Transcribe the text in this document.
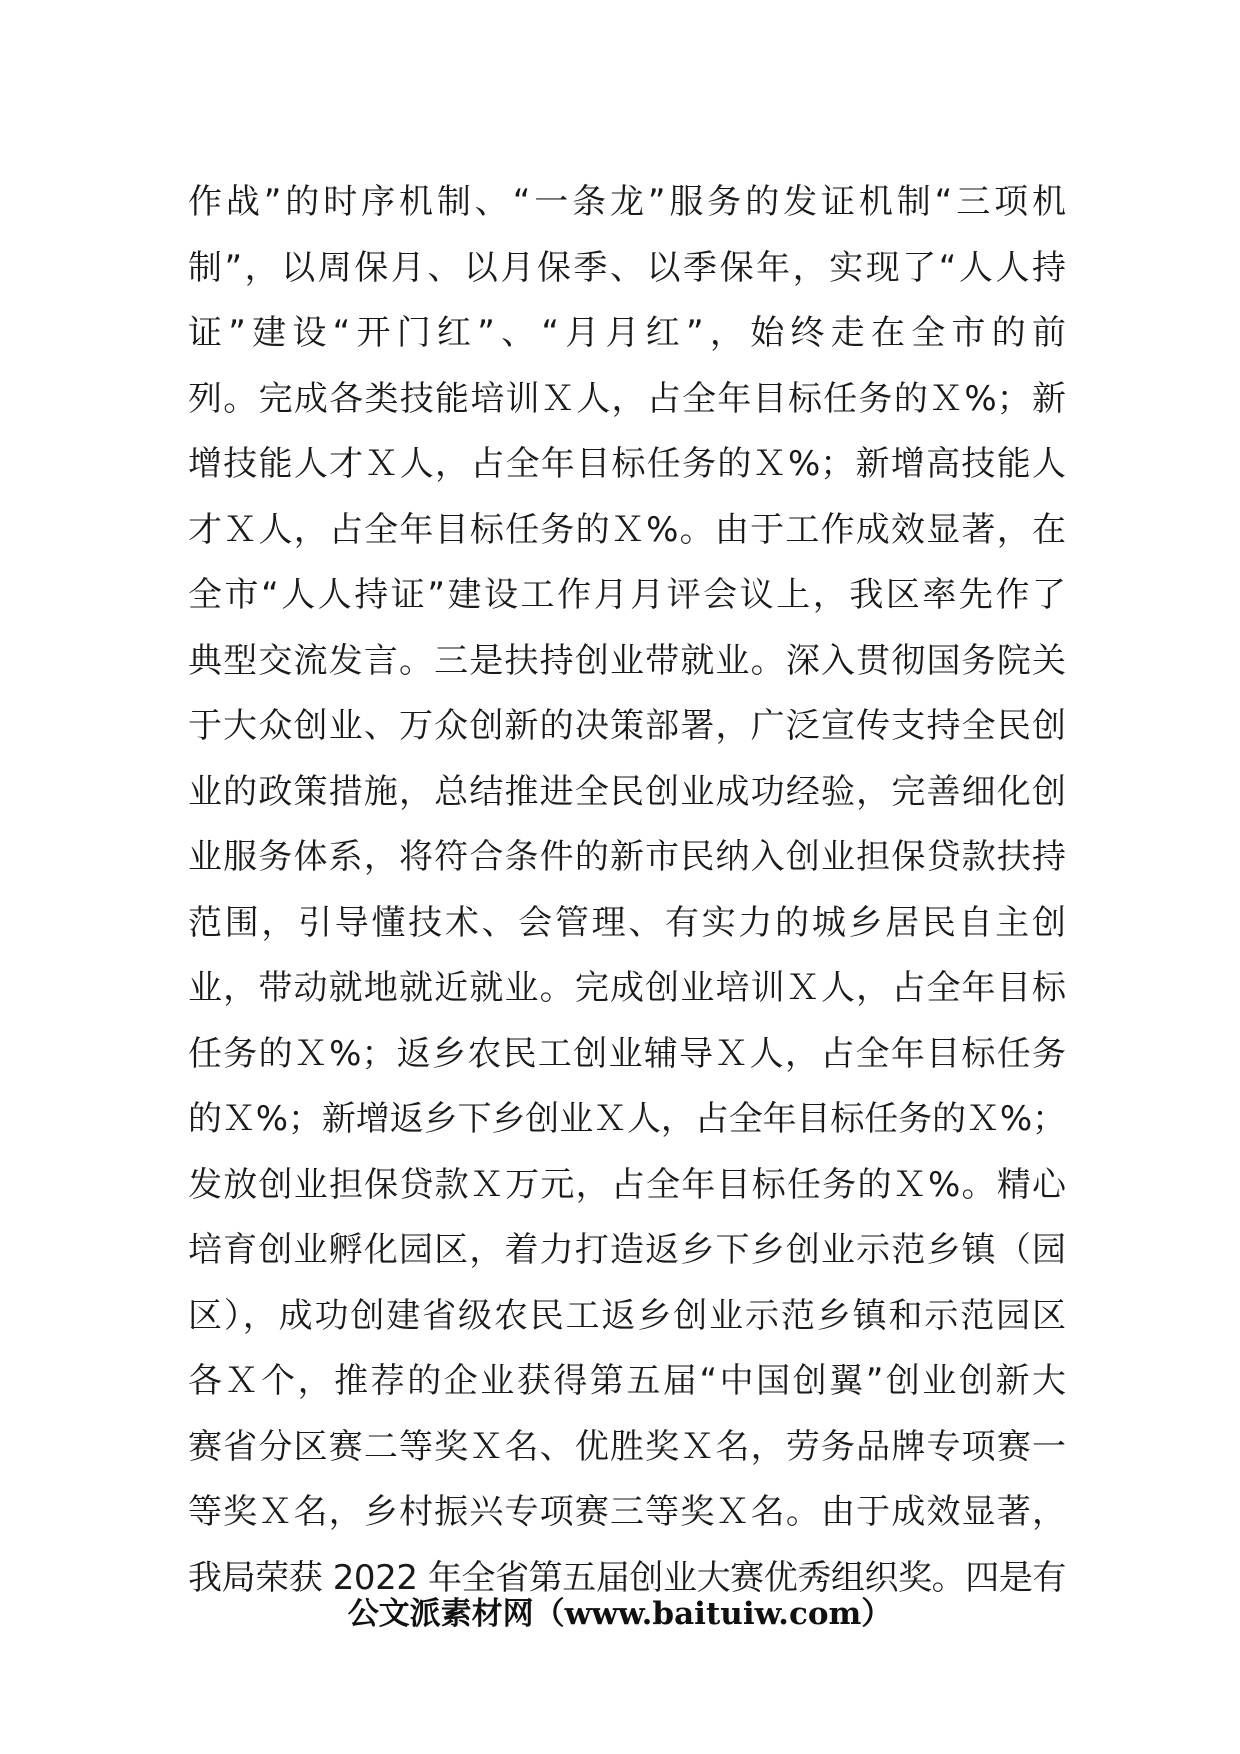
作战”的时序机制、“一条龙”服务的发证机制“三项机
制”，以周保月、以月保季、以季保年，实现了“人人持
证”建设“开门红”、“月月红”，始终走在全市的前
列。完成各类技能培训Ｘ人，占全年目标任务的Ｘ%；新
增技能人才Ｘ人，占全年目标任务的Ｘ%；新增高技能人
才Ｘ人，占全年目标任务的Ｘ%。由于工作成效显著，在
全市“人人持证”建设工作月月评会议上，我区率先作了
典型交流发言。三是扶持创业带就业。深入贯彻国务院关
于大众创业、万众创新的决策部署，广泛宣传支持全民创
业的政策措施，总结推进全民创业成功经验，完善细化创
业服务体系，将符合条件的新市民纳入创业担保贷款扶持
范围，引导懂技术、会管理、有实力的城乡居民自主创
业，带动就地就近就业。完成创业培训Ｘ人，占全年目标
任务的Ｘ%；返乡农民工创业辅导Ｘ人，占全年目标任务
的Ｘ%；新增返乡下乡创业Ｘ人，占全年目标任务的Ｘ%；
发放创业担保贷款Ｘ万元，占全年目标任务的Ｘ%。精心
培育创业孵化园区，着力打造返乡下乡创业示范乡镇（园
区），成功创建省级农民工返乡创业示范乡镇和示范园区
各Ｘ个，推荐的企业获得第五届“中国创翼”创业创新大
赛省分区赛二等奖Ｘ名、优胜奖Ｘ名，劳务品牌专项赛一
等奖Ｘ名，乡村振兴专项赛三等奖Ｘ名。由于成效显著，
我局荣获 2022 年全省第五届创业大赛优秀组织奖。四是有
公文派素材网（www.baituiw.com）
